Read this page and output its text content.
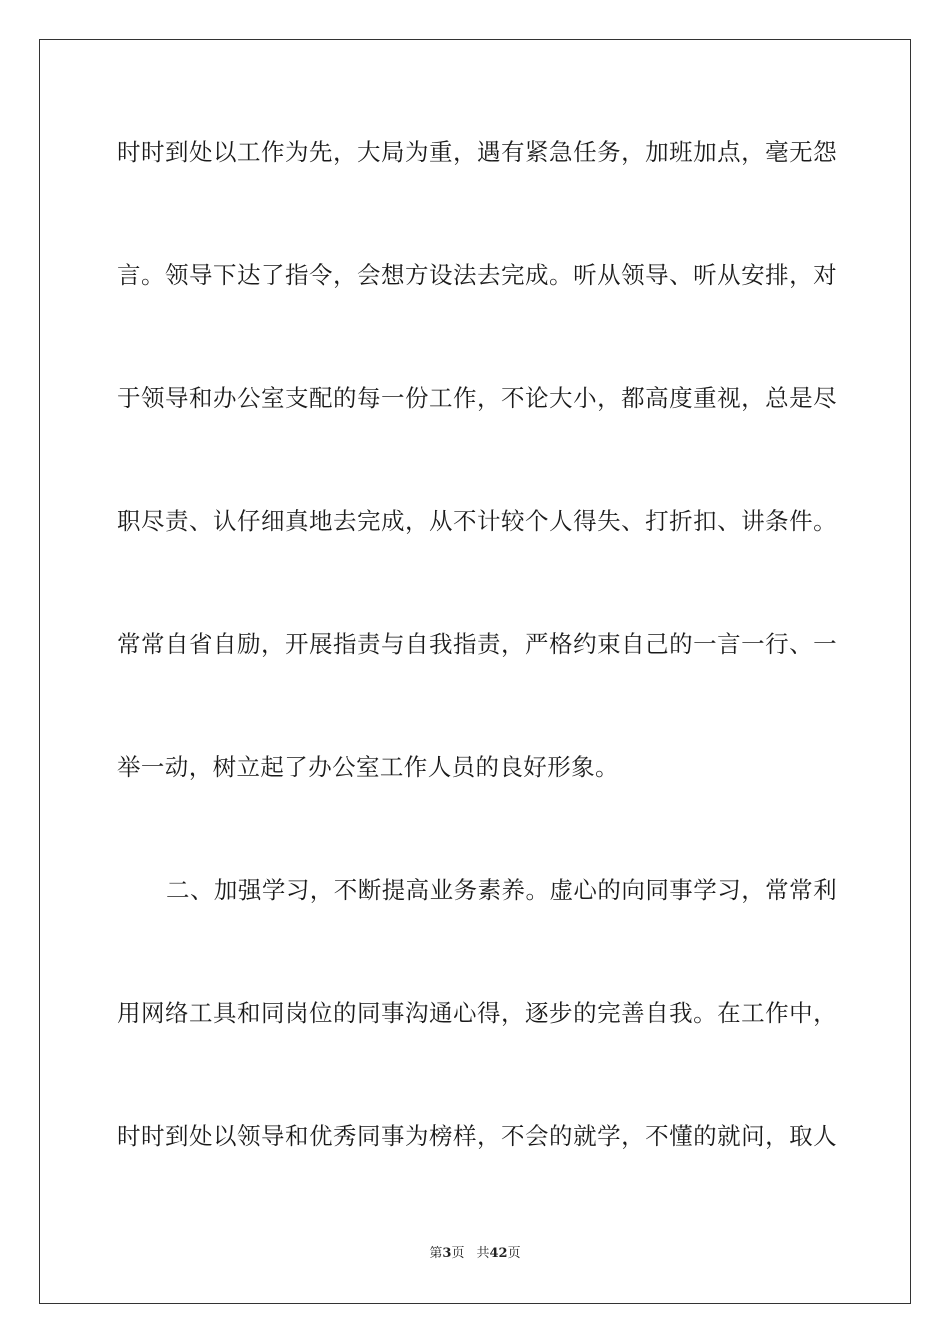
时时到处以工作为先，大局为重，遇有紧急任务，加班加点，毫无怨
言。领导下达了指令，会想方设法去完成。听从领导、听从安排，对
于领导和办公室支配的每一份工作，不论大小，都高度重视，总是尽
职尽责、认仔细真地去完成，从不计较个人得失、打折扣、讲条件。
常常自省自励，开展指责与自我指责，严格约束自己的一言一行、一
举一动，树立起了办公室工作人员的良好形象。
二、加强学习，不断提高业务素养。虚心的向同事学习，常常利
用网络工具和同岗位的同事沟通心得，逐步的完善自我。在工作中，
时时到处以领导和优秀同事为榜样，不会的就学，不懂的就问，取人
第3页 共42页
